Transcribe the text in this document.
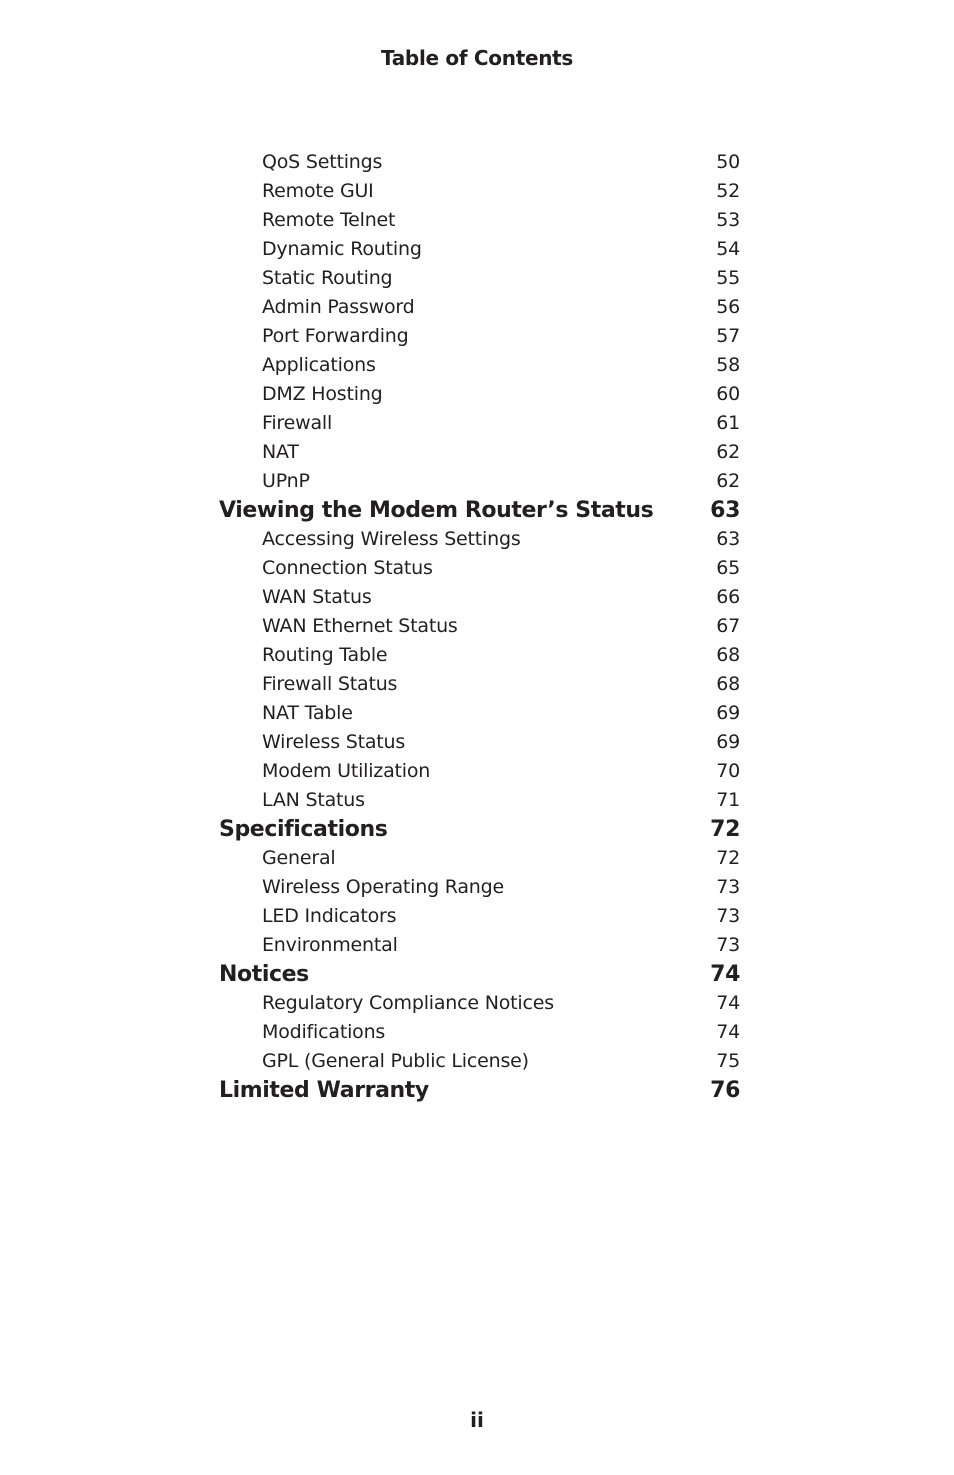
Table of Contents
QoS Settings	50
Remote GUI	52
Remote Telnet	53
Dynamic Routing	54
Static Routing	55
Admin Password	56
Port Forwarding	57
Applications	58
DMZ Hosting	60
Firewall	61
NAT	62
UPnP	62
Viewing the Modem Router’s Status	63
Accessing Wireless Settings	63
Connection Status	65
WAN Status	66
WAN Ethernet Status	67
Routing Table	68
Firewall Status	68
NAT Table	69
Wireless Status	69
Modem Utilization	70
LAN Status	71
Specifications	72
General	72
Wireless Operating Range	73
LED Indicators	73
Environmental	73
Notices	74
Regulatory Compliance Notices	74
Modifications	74
GPL (General Public License)	75
Limited Warranty	76
ii
